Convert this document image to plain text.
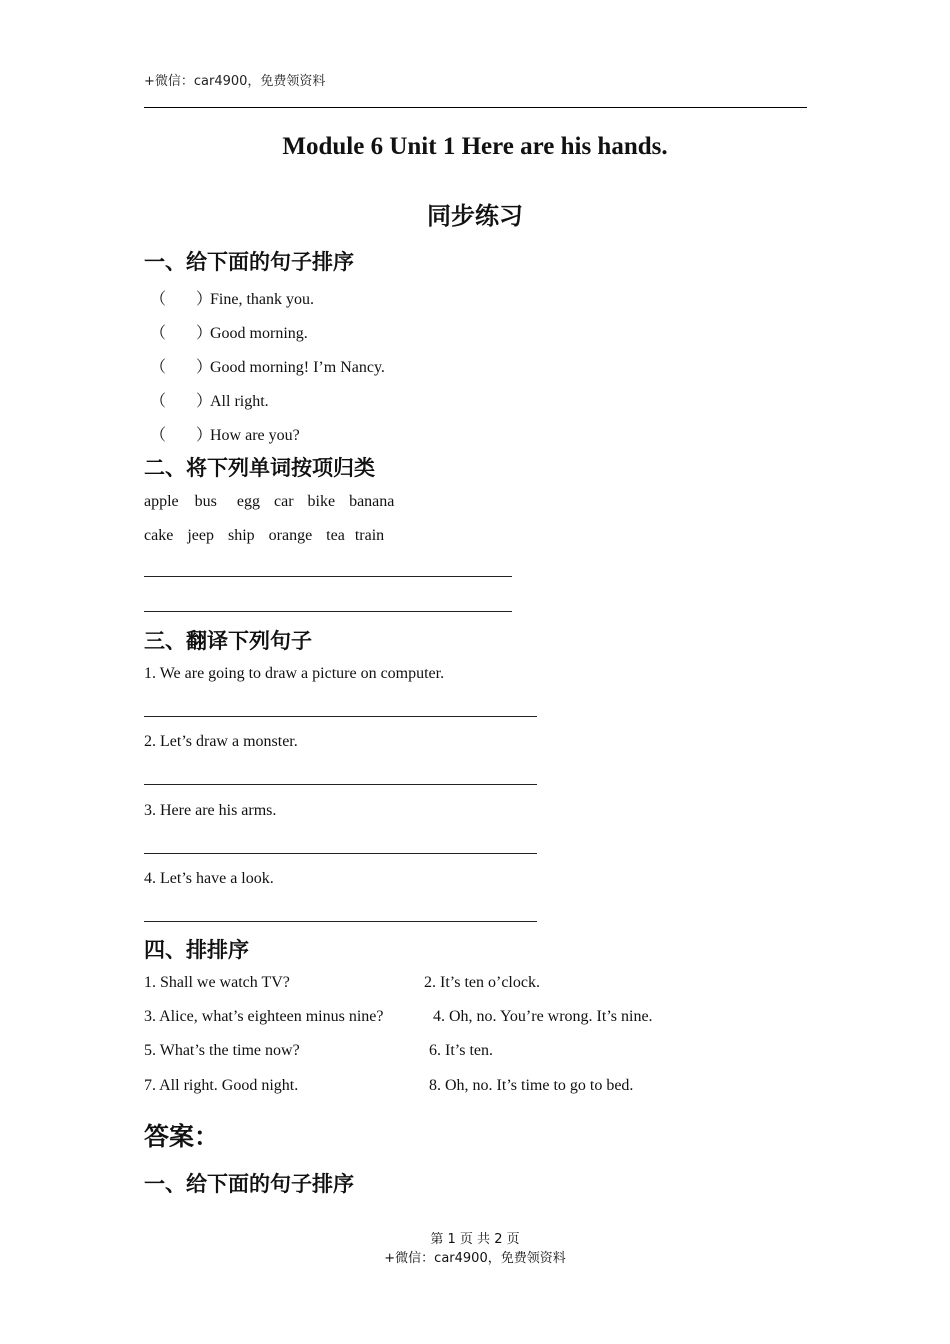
+微信：car4900，免费领资料
Module 6 Unit 1 Here are his hands.
同步练习
一、给下面的句子排序
（ ）Fine, thank you.
（ ）Good morning.
（ ）Good morning! I’m Nancy.
（ ）All right.
（ ）How are you?
二、将下列单词按项归类
apple bus egg car bike banana
cake jeep ship orange tea train
三、翻译下列句子
1. We are going to draw a picture on computer.
2. Let’s draw a monster.
3. Here are his arms.
4. Let’s have a look.
四、排排序
1. Shall we watch TV?	2. It’s ten o’clock.
3. Alice, what’s eighteen minus nine?	4. Oh, no. You’re wrong. It’s nine.
5. What’s the time now?	6. It’s ten.
7. All right. Good night.	8. Oh, no. It’s time to go to bed.
答案：
一、给下面的句子排序
第 1 页 共 2 页
+微信：car4900，免费领资料
